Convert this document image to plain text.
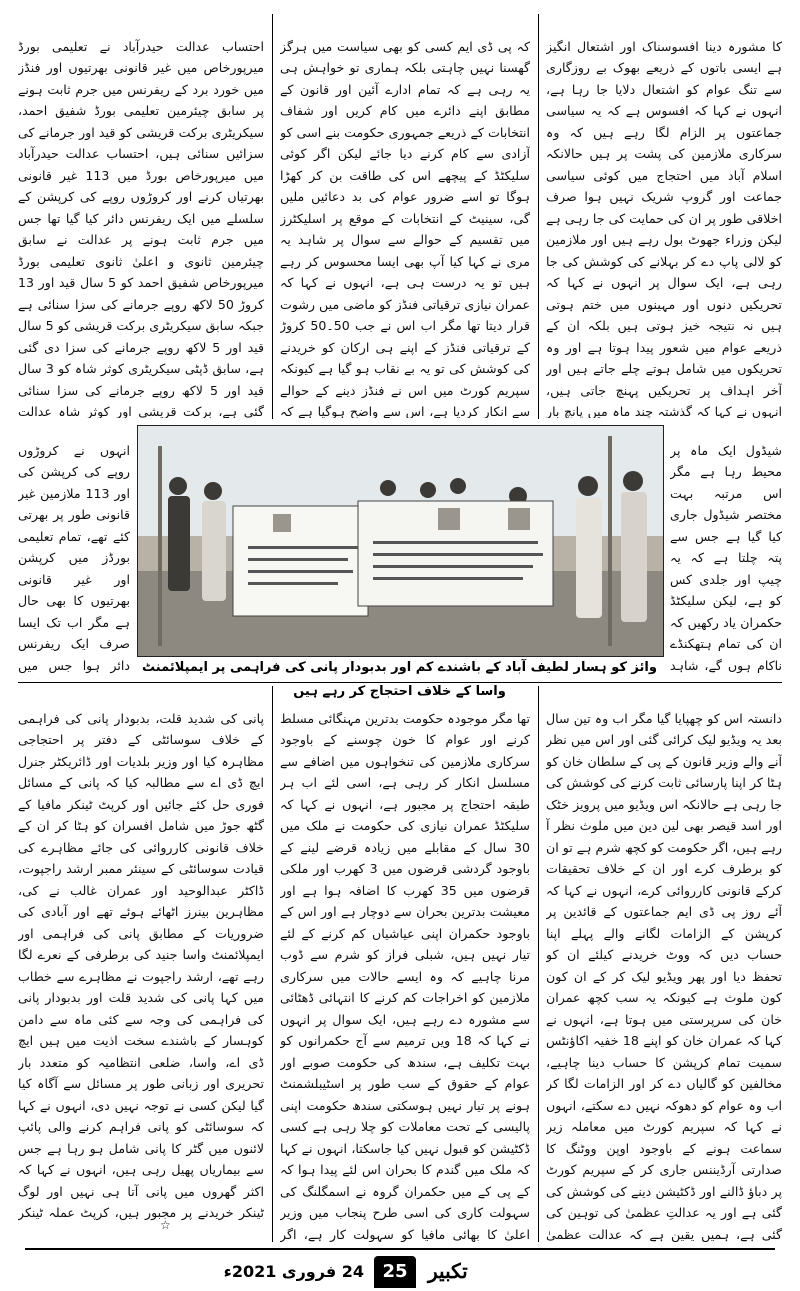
کا مشورہ دینا افسوسناک اور اشتعال انگیز ہے ایسی باتوں کے ذریعے بھوک بے روزگاری سے تنگ عوام کو اشتعال دلایا جا رہا ہے، انہوں نے کہا کہ افسوس ہے کہ یہ سیاسی جماعتوں پر الزام لگا رہے ہیں کہ وہ سرکاری ملازمین کی پشت پر ہیں حالانکہ اسلام آباد میں احتجاج میں کوئی سیاسی جماعت اور گروپ شریک نہیں ہوا صرف اخلاقی طور پر ان کی حمایت کی جا رہی ہے لیکن وزراء جھوٹ بول رہے ہیں اور ملازمین کو لالی پاپ دے کر بہلانے کی کوشش کی جا رہی ہے، ایک سوال پر انہوں نے کہا کہ تحریکیں دنوں اور مہینوں میں ختم ہوتی ہیں نہ نتیجہ خیز ہوتی ہیں بلکہ ان کے ذریعے عوام میں شعور پیدا ہوتا ہے اور وہ تحریکوں میں شامل ہوتے چلے جاتے ہیں اور آخر اہداف پر تحریکیں پہنچ جاتی ہیں، انہوں نے کہا کہ گذشتہ چند ماہ میں پانچ بار

شیڈول ایک ماہ پر محیط رہا ہے مگر اس مرتبہ بہت مختصر شیڈول جاری کیا گیا ہے جس سے پتہ چلتا ہے کہ یہ چیپ اور جلدی کس کو ہے، لیکن سلیکٹڈ حکمران یاد رکھیں کہ ان کی تمام ہتھکنڈے ناکام ہوں گے، شاہد

کہ پی ڈی ایم کسی کو بھی سیاست میں ہرگز گھسنا نہیں چاہتی بلکہ ہماری تو خواہش ہی یہ رہی ہے کہ تمام ادارے آئین اور قانون کے مطابق اپنے دائرے میں کام کریں اور شفاف انتخابات کے ذریعے جمہوری حکومت بنے اسی کو آزادی سے کام کرنے دیا جائے لیکن اگر کوئی سلیکٹڈ کے پیچھے اس کی طاقت بن کر کھڑا ہوگا تو اسے ضرور عوام کی بد دعائیں ملیں گی، سینیٹ کے انتخابات کے موقع پر اسلیکٹرز میں تقسیم کے حوالے سے سوال پر شاہد یہ مری نے کہا کیا آپ بھی ایسا محسوس کر رہے ہیں تو یہ درست ہی ہے، انہوں نے کہا کہ عمران نیازی ترقیاتی فنڈز کو ماضی میں رشوت قرار دیتا تھا مگر اب اس نے جب 50۔50 کروڑ کے ترقیاتی فنڈز کے اپنے ہی ارکان کو خریدنے کی کوشش کی تو یہ بے نقاب ہو گیا ہے کیونکہ سپریم کورٹ میں اس نے فنڈز دینے کے حوالے سے انکار کردیا ہے، اس سے واضح ہوگیا ہے کہ

احتساب عدالت حیدرآباد نے تعلیمی بورڈ میرپورخاص میں غیر قانونی بھرتیوں اور فنڈز میں خورد برد کے ریفرنس میں جرم ثابت ہونے پر سابق چیئرمین تعلیمی بورڈ شفیق احمد، سیکریٹری برکت قریشی کو قید اور جرمانے کی سزائیں سنائی ہیں، احتساب عدالت حیدرآباد میں میرپورخاص بورڈ میں 113 غیر قانونی بھرتیاں کرنے اور کروڑوں روپے کی کرپشن کے سلسلے میں ایک ریفرنس دائر کیا گیا تھا جس میں جرم ثابت ہونے پر عدالت نے سابق چیئرمین ثانوی و اعلیٰ ثانوی تعلیمی بورڈ میرپورخاص شفیق احمد کو 5 سال قید اور 13 کروڑ 50 لاکھ روپے جرمانے کی سزا سنائی ہے جبکہ سابق سیکریٹری برکت قریشی کو 5 سال قید اور 5 لاکھ روپے جرمانے کی سزا دی گئی ہے، سابق ڈپٹی سیکریٹری کوثر شاہ کو 3 سال قید اور 5 لاکھ روپے جرمانے کی سزا سنائی گئی ہے، برکت قریشی اور کوثر شاہ عدالت

انہوں نے کروڑوں روپے کی کرپشن کی اور 113 ملازمین غیر قانونی طور پر بھرتی کئے تھے، تمام تعلیمی بورڈز میں کرپشن اور غیر قانونی بھرتیوں کا بھی حال ہے مگر اب تک ایسا صرف ایک ریفرنس دائر ہوا جس میں	وائز کو ہسار لطیف آباد کے باشندے کم اور بدبودار پانی کی فراہمی پر ایمپلائمنٹ واسا کے خلاف احتجاج کر رہے ہیں

دانستہ اس کو چھپایا گیا مگر اب وہ تین سال بعد یہ ویڈیو لیک کرائی گئی اور اس میں نظر آنے والے وزیر قانون کے پی کے سلطان خان کو ہٹا کر اپنا پارسائی ثابت کرنے کی کوشش کی جا رہی ہے حالانکہ اس ویڈیو میں پرویز خٹک اور اسد قیصر بھی لین دین میں ملوث نظر آ رہے ہیں، اگر حکومت کو کچھ شرم ہے تو ان کو برطرف کرے اور ان کے خلاف تحقیقات کرکے قانونی کارروائی کرے، انہوں نے کہا کہ آئے روز پی ڈی ایم جماعتوں کے قائدین پر کرپشن کے الزامات لگانے والے پہلے اپنا حساب دیں کہ ووٹ خریدنے کیلئے ان کو تحفظ دیا اور پھر ویڈیو لیک کر کے ان کون کون ملوث ہے کیونکہ یہ سب کچھ عمران خان کی سرپرستی میں ہوتا ہے، انہوں نے کہا کہ عمران خان کو اپنے 18 خفیہ اکاؤنٹس سمیت تمام کرپشن کا حساب دینا چاہیے، مخالفین کو گالیاں دے کر اور الزامات لگا کر اب وہ عوام کو دھوکہ نہیں دے سکتے، انہوں نے کہا کہ سپریم کورٹ میں معاملہ زیر سماعت ہونے کے باوجود اوپن ووٹنگ کا صدارتی آرڈیننس جاری کر کے سپریم کورٹ پر دباؤ ڈالنے اور ڈکٹیشن دینے کی کوشش کی گئی ہے اور یہ عدالتِ عظمیٰ کی توہین کی گئی ہے، ہمیں یقین ہے کہ عدالت عظمیٰ

تھا مگر موجودہ حکومت بدترین مہنگائی مسلط کرنے اور عوام کا خون چوسنے کے باوجود سرکاری ملازمین کی تنخواہوں میں اضافے سے مسلسل انکار کر رہی ہے، اسی لئے اب ہر طبقہ احتجاج پر مجبور ہے، انہوں نے کہا کہ سلیکٹڈ عمران نیازی کی حکومت نے ملک میں 30 سال کے مقابلے میں زیادہ قرضے لینے کے باوجود گردشی قرضوں میں 3 کھرب اور ملکی قرضوں میں 35 کھرب کا اضافہ ہوا ہے اور معیشت بدترین بحران سے دوچار ہے اور اس کے باوجود حکمران اپنی عیاشیاں کم کرنے کے لئے تیار نہیں ہیں، شبلی فراز کو شرم سے ڈوب مرنا چاہیے کہ وہ ایسے حالات میں سرکاری ملازمین کو اخراجات کم کرنے کا انتہائی ڈھٹائی سے مشورہ دے رہے ہیں، ایک سوال پر انہوں نے کہا کہ 18 ویں ترمیم سے آج حکمرانوں کو بہت تکلیف ہے، سندھ کی حکومت صوبے اور عوام کے حقوق کے سب طور پر اسٹیبلشمنٹ ہونے پر تیار نہیں ہوسکتی سندھ حکومت اپنی پالیسی کے تحت معاملات کو چلا رہی ہے کسی ڈکٹیشن کو قبول نہیں کیا جاسکتا، انہوں نے کہا کہ ملک میں گندم کا بحران اس لئے پیدا ہوا کہ کے پی کے میں حکمران گروہ نے اسمگلنگ کی سہولت کاری کی اسی طرح پنجاب میں وزیر اعلیٰ کا بھائی مافیا کو سہولت کار ہے، اگر

پانی کی شدید قلت، بدبودار پانی کی فراہمی کے خلاف سوسائٹی کے دفتر پر احتجاجی مظاہرہ کیا اور وزیر بلدیات اور ڈائریکٹر جنرل ایچ ڈی اے سے مطالبہ کیا کہ پانی کے مسائل فوری حل کئے جائیں اور کرپٹ ٹینکر مافیا کے گٹھ جوڑ میں شامل افسران کو ہٹا کر ان کے خلاف قانونی کارروائی کی جائے مظاہرے کی قیادت سوسائٹی کے سینئر ممبر ارشد راجپوت، ڈاکٹر عبدالوحید اور عمران غالب نے کی، مظاہرین بینرز اٹھائے ہوئے تھے اور آبادی کی ضروریات کے مطابق پانی کی فراہمی اور ایمپلائمنٹ واسا جنید کی برطرفی کے نعرے لگا رہے تھے، ارشد راجپوت نے مظاہرے سے خطاب میں کہا پانی کی شدید قلت اور بدبودار پانی کی فراہمی کی وجہ سے کئی ماہ سے دامن کوہسار کے باشندے سخت اذیت میں ہیں ایچ ڈی اے، واسا، ضلعی انتظامیہ کو متعدد بار تحریری اور زبانی طور پر مسائل سے آگاہ کیا گیا لیکن کسی نے توجہ نہیں دی، انہوں نے کہا کہ سوسائٹی کو پانی فراہم کرنے والی پائپ لائنوں میں گٹر کا پانی شامل ہو رہا ہے جس سے بیماریاں پھیل رہی ہیں، انہوں نے کہا کہ اکثر گھروں میں پانی آتا ہی نہیں اور لوگ ٹینکر خریدنے پر مجبور ہیں، کرپٹ عملہ ٹینکر

☆
25
24 فروری 2021ء	تکبیر
